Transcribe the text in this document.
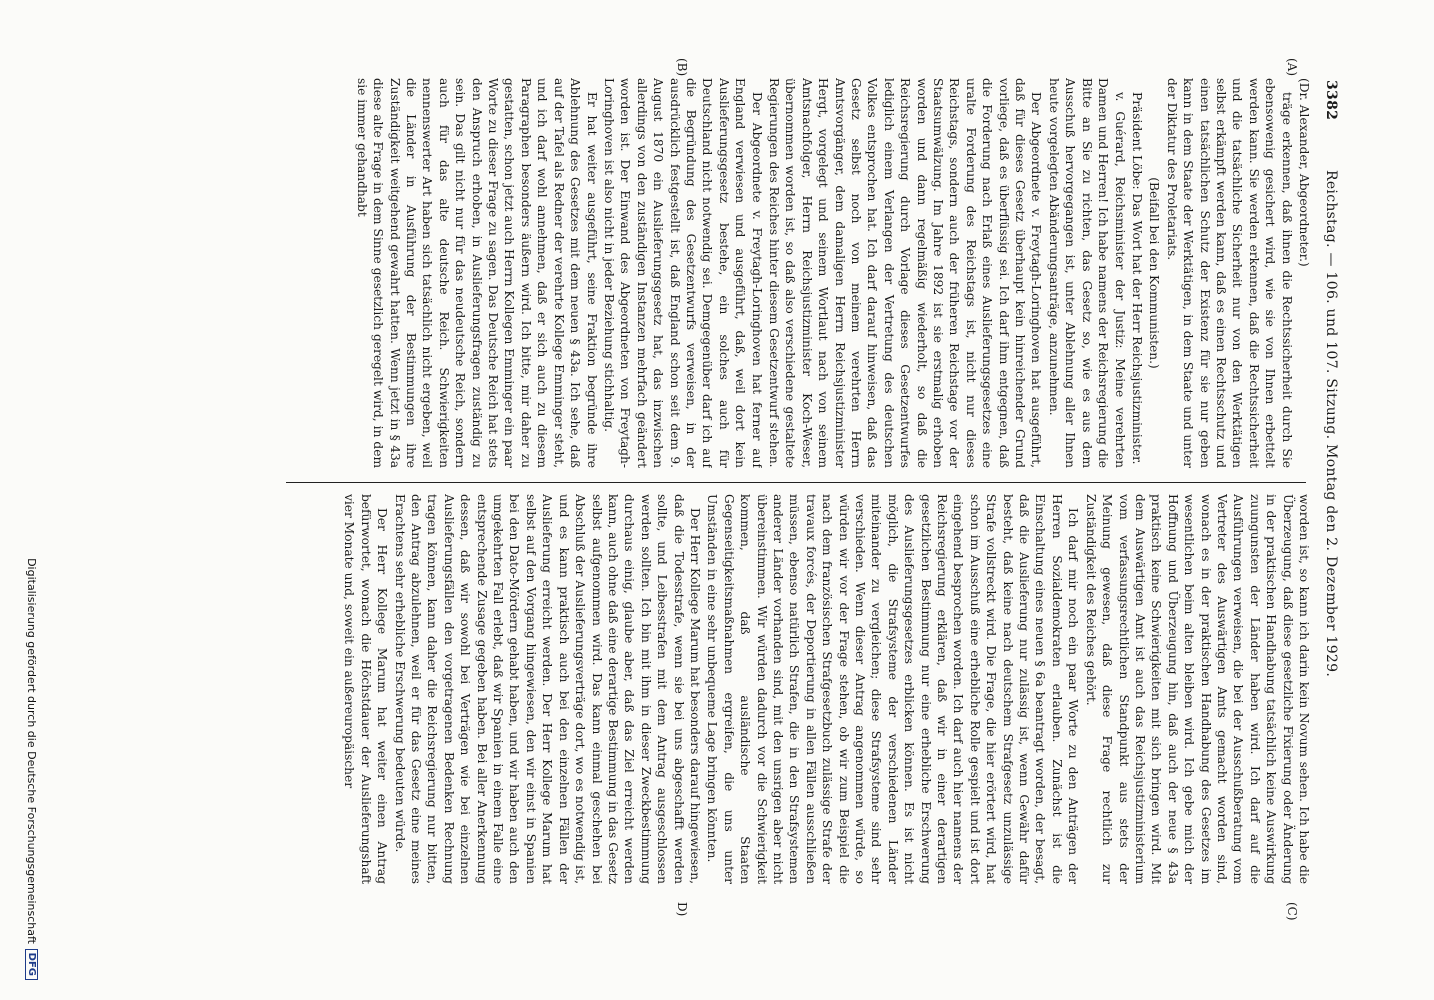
3382
Reichstag. — 106. und 107. Sitzung. Montag den 2. Dezember 1929.
(A)
(B)
(C)
D)

(Dr. Alexander, Abgeordneter.)

träge erkennen, daß ihnen die Rechtssicherheit durch Sie ebensowenig gesichert wird, wie sie von Ihnen erbettelt werden kann. Sie werden erkennen, daß die Rechtssicherheit und die tatsächliche Sicherheit nur von den Werktätigen selbst erkämpft werden kann, daß es einen Rechtsschutz und einen tatsächlichen Schutz der Existenz für sie nur geben kann in dem Staate der Werktätigen, in dem Staate und unter der Diktatur des Proletariats.

(Beifall bei den Kommunisten.)

Präsident Löbe: Das Wort hat der Herr Reichsjustizminister.

v. Guérard, Reichsminister der Justiz: Meine verehrten Damen und Herren! Ich habe namens der Reichsregierung die Bitte an Sie zu richten, das Gesetz so, wie es aus dem Ausschuß hervorgegangen ist, unter Ablehnung aller Ihnen heute vorgelegten Abänderungsanträge, anzunehmen.

Der Abgeordnete v. Freytagh-Loringhoven hat ausgeführt, daß für dieses Gesetz überhaupt kein hinreichender Grund vorliege, daß es überflüssig sei. Ich darf ihm entgegnen, daß die Forderung nach Erlaß eines Auslieferungsgesetzes eine uralte Forderung des Reichstags ist, nicht nur dieses Reichstags, sondern auch der früheren Reichstage vor der Staatsumwälzung. Im Jahre 1892 ist sie erstmalig erhoben worden und dann regelmäßig wiederholt, so daß die Reichsregierung durch Vorlage dieses Gesetzentwurfes lediglich einem Verlangen der Vertretung des deutschen Volkes entsprochen hat. Ich darf darauf hinweisen, daß das Gesetz selbst noch von meinem verehrten Herrn Amtsvorgänger, dem damaligen Herrn Reichsjustizminister Hergt, vorgelegt und seinem Wortlaut nach von seinem Amtsnachfolger, Herrn Reichsjustizminister Koch-Weser, übernommen worden ist, so daß also verschiedene gestaltete Regierungen des Reiches hinter diesem Gesetzentwurf stehen.

Der Abgeordnete v. Freytagh-Loringhoven hat ferner auf England verwiesen und ausgeführt, daß, weil dort kein Auslieferungsgesetz bestehe, ein solches auch für Deutschland nicht notwendig sei. Demgegenüber darf ich auf die Begründung des Gesetzentwurfs verweisen, in der ausdrücklich festgestellt ist, daß England schon seit dem 9. August 1870 ein Auslieferungsgesetz hat, das inzwischen allerdings von den zuständigen Instanzen mehrfach geändert worden ist. Der Einwand des Abgeordneten von Freytagh-Loringhoven ist also nicht in jeder Beziehung stichhaltig.

Er hat weiter ausgeführt, seine Fraktion begründe ihre Ablehnung des Gesetzes mit dem neuen § 43a. Ich sehe, daß auf der Tafel als Redner der verehrte Kollege Emminger steht, und ich darf wohl annehmen, daß er sich auch zu diesem Paragraphen besonders äußern wird. Ich bitte, mir daher zu gestatten, schon jetzt auch Herrn Kollegen Emminger ein paar Worte zu dieser Frage zu sagen. Das Deutsche Reich hat stets den Anspruch erhoben, in Auslieferungsfragen zuständig zu sein. Das gilt nicht nur für das neudeutsche Reich, sondern auch für das alte deutsche Reich. Schwierigkeiten nennenswerter Art haben sich tatsächlich nicht ergeben, weil die Länder in Ausführung der Bestimmungen ihre Zuständigkeit weitgehend gewahrt hatten. Wenn jetzt in § 43a diese alte Frage in dem Sinne gesetzlich geregelt wird, in dem sie immer gehandhabt

worden ist, so kann ich darin kein Novum sehen. Ich habe die Überzeugung, daß diese gesetzliche Fixierung oder Änderung in der praktischen Handhabung tatsächlich keine Auswirkung zuungunsten der Länder haben wird. Ich darf auf die Ausführungen verweisen, die bei der Ausschußberatung vom Vertreter des Auswärtigen Amts gemacht worden sind, wonach es in der praktischen Handhabung des Gesetzes im wesentlichen beim alten bleiben wird. Ich gebe mich der Hoffnung und Überzeugung hin, daß auch der neue § 43a praktisch keine Schwierigkeiten mit sich bringen wird. Mit dem Auswärtigen Amt ist auch das Reichsjustizministerium vom verfassungsrechtlichen Standpunkt aus stets der Meinung gewesen, daß diese Frage rechtlich zur Zuständigkeit des Reiches gehört.

Ich darf mir noch ein paar Worte zu den Anträgen der Herren Sozialdemokraten erlauben. Zunächst ist die Einschaltung eines neuen § 6a beantragt worden, der besagt, daß die Auslieferung nur zulässig ist, wenn Gewähr dafür besteht, daß keine nach deutschem Strafgesetz unzulässige Strafe vollstreckt wird. Die Frage, die hier erörtert wird, hat schon im Ausschuß eine erhebliche Rolle gespielt und ist dort eingehend besprochen worden. Ich darf auch hier namens der Reichsregierung erklären, daß wir in einer derartigen gesetzlichen Bestimmung nur eine erhebliche Erschwerung des Auslieferungsgesetzes erblicken können. Es ist nicht möglich, die Strafsysteme der verschiedenen Länder miteinander zu vergleichen; diese Strafsysteme sind sehr verschieden. Wenn dieser Antrag angenommen würde, so würden wir vor der Frage stehen, ob wir zum Beispiel die nach dem französischen Strafgesetzbuch zulässige Strafe der travaux forcés, der Deportierung in allen Fällen ausschließen müssen, ebenso natürlich Strafen, die in den Strafsystemen anderer Länder vorhanden sind, mit den unsrigen aber nicht übereinstimmen. Wir würden dadurch vor die Schwierigkeit kommen, daß ausländische Staaten Gegenseitigkeitsmaßnahmen ergreifen, die uns unter Umständen in eine sehr unbequeme Lage bringen könnten.

Der Herr Kollege Marum hat besonders darauf hingewiesen, daß die Todesstrafe, wenn sie bei uns abgeschafft werden sollte, und Leibesstrafen mit dem Antrag ausgeschlossen werden sollten. Ich bin mit ihm in dieser Zweckbestimmung durchaus einig, glaube aber, daß das Ziel erreicht werden kann, auch ohne daß eine derartige Bestimmung in das Gesetz selbst aufgenommen wird. Das kann einmal geschehen bei Abschluß der Auslieferungsverträge dort, wo es notwendig ist, und es kann praktisch auch bei den einzelnen Fällen der Auslieferung erreicht werden. Der Herr Kollege Marum hat selbst auf den Vorgang hingewiesen, den wir einst in Spanien bei den Dato-Mördern gehabt haben, und wir haben auch den umgekehrten Fall erlebt, daß wir Spanien in einem Falle eine entsprechende Zusage gegeben haben. Bei aller Anerkennung dessen, daß wir sowohl bei Verträgen wie bei einzelnen Auslieferungsfällen den vorgetragenen Bedenken Rechnung tragen können, kann daher die Reichsregierung nur bitten, den Antrag abzulehnen, weil er für das Gesetz eine meines Erachtens sehr erhebliche Erschwerung bedeuten würde.

Der Herr Kollege Marum hat weiter einen Antrag befürwortet, wonach die Höchstdauer der Auslieferungshaft vier Monate und, soweit ein außereuropäischer

Digitalisierung gefördert durch die Deutsche Forschungsgemeinschaft
DFG
